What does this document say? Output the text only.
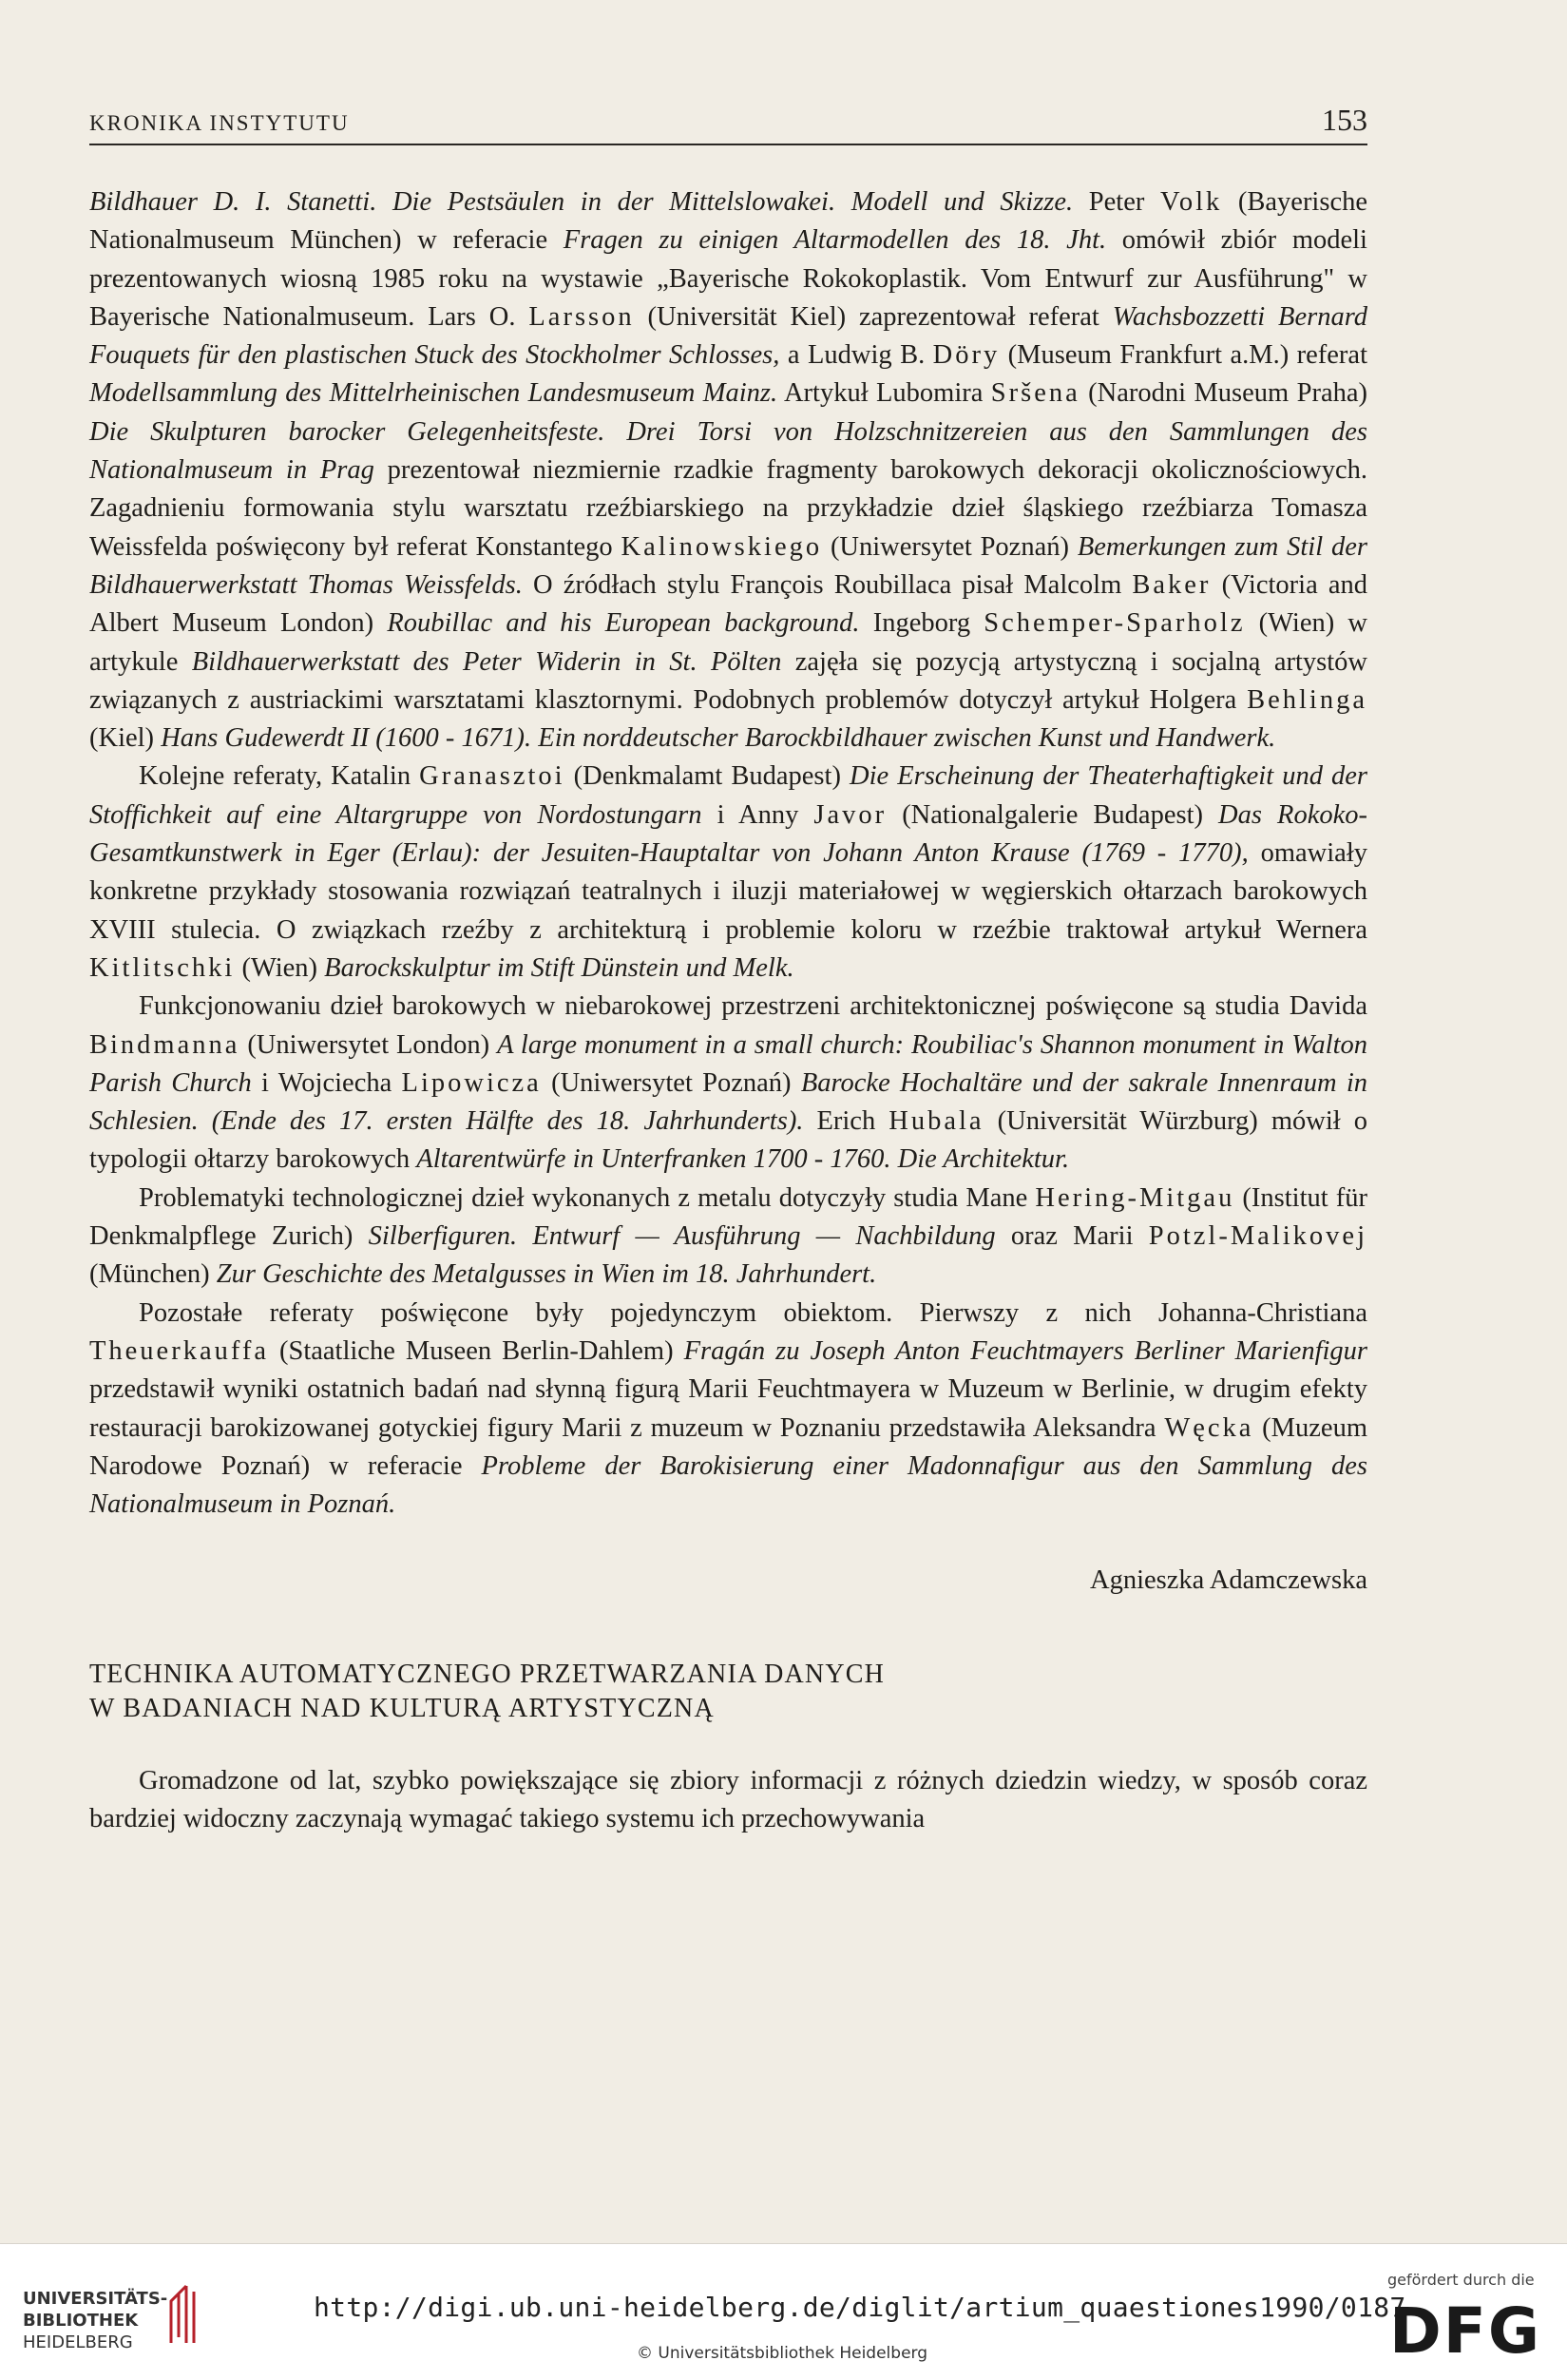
KRONIKA INSTYTUTU	153

Bildhauer D. I. Stanetti. Die Pestsäulen in der Mittelslowakei. Modell und Skizze. Peter Volk (Bayerische Nationalmuseum München) w referacie Fragen zu einigen Altarmodellen des 18. Jht. omówił zbiór modeli prezentowanych wiosną 1985 roku na wystawie „Bayerische Rokokoplastik. Vom Entwurf zur Ausführung" w Bayerische Nationalmuseum. Lars O. Larsson (Universität Kiel) zaprezentował referat Wachsbozzetti Bernard Fouquets für den plastischen Stuck des Stockholmer Schlosses, a Ludwig B. Döry (Museum Frankfurt a.M.) referat Modellsammlung des Mittelrheinischen Landesmuseum Mainz. Artykuł Lubomira Sršena (Narodni Museum Praha) Die Skulpturen barocker Gelegenheitsfeste. Drei Torsi von Holzschnitzereien aus den Sammlungen des Nationalmuseum in Prag prezentował niezmiernie rzadkie fragmenty barokowych dekoracji okolicznościowych. Zagadnieniu formowania stylu warsztatu rzeźbiarskiego na przykładzie dzieł śląskiego rzeźbiarza Tomasza Weissfelda poświęcony był referat Konstantego Kalinowskiego (Uniwersytet Poznań) Bemerkungen zum Stil der Bildhauerwerkstatt Thomas Weissfelds. O źródłach stylu François Roubillaca pisał Malcolm Baker (Victoria and Albert Museum London) Roubillac and his European background. Ingeborg Schemper-Sparholz (Wien) w artykule Bildhauerwerkstatt des Peter Widerin in St. Pölten zajęła się pozycją artystyczną i socjalną artystów związanych z austriackimi warsztatami klasztornymi. Podobnych problemów dotyczył artykuł Holgera Behlinga (Kiel) Hans Gudewerdt II (1600 - 1671). Ein norddeutscher Barockbildhauer zwischen Kunst und Handwerk.

Kolejne referaty, Katalin Granasztoi (Denkmalamt Budapest) Die Erscheinung der Theaterhaftigkeit und der Stoffichkeit auf eine Altargruppe von Nordostungarn i Anny Javor (Nationalgalerie Budapest) Das Rokoko-Gesamtkunstwerk in Eger (Erlau): der Jesuiten-Hauptaltar von Johann Anton Krause (1769 - 1770), omawiały konkretne przykłady stosowania rozwiązań teatralnych i iluzji materiałowej w węgierskich ołtarzach barokowych XVIII stulecia. O związkach rzeźby z architekturą i problemie koloru w rzeźbie traktował artykuł Wernera Kitlitschki (Wien) Barockskulptur im Stift Dünstein und Melk.

Funkcjonowaniu dzieł barokowych w niebarokowej przestrzeni architektonicznej poświęcone są studia Davida Bindmanna (Uniwersytet London) A large monument in a small church: Roubiliac's Shannon monument in Walton Parish Church i Wojciecha Lipowicza (Uniwersytet Poznań) Barocke Hochaltäre und der sakrale Innenraum in Schlesien. (Ende des 17. ersten Hälfte des 18. Jahrhunderts). Erich Hubala (Universität Würzburg) mówił o typologii ołtarzy barokowych Altarentwürfe in Unterfranken 1700 - 1760. Die Architektur.

Problematyki technologicznej dzieł wykonanych z metalu dotyczyły studia Mane Hering-Mitgau (Institut für Denkmalpflege Zurich) Silberfiguren. Entwurf — Ausführung — Nachbildung oraz Marii Potzl-Malikovej (München) Zur Geschichte des Metalgusses in Wien im 18. Jahrhundert.

Pozostałe referaty poświęcone były pojedynczym obiektom. Pierwszy z nich Johanna-Christiana Theuerkauffa (Staatliche Museen Berlin-Dahlem) Fragán zu Joseph Anton Feuchtmayers Berliner Marienfigur przedstawił wyniki ostatnich badań nad słynną figurą Marii Feuchtmayera w Muzeum w Berlinie, w drugim efekty restauracji barokizowanej gotyckiej figury Marii z muzeum w Poznaniu przedstawiła Aleksandra Węcka (Muzeum Narodowe Poznań) w referacie Probleme der Barokisierung einer Madonnafigur aus den Sammlung des Nationalmuseum in Poznań.

Agnieszka Adamczewska

TECHNIKA AUTOMATYCZNEGO PRZETWARZANIA DANYCH
W BADANIACH NAD KULTURĄ ARTYSTYCZNĄ

Gromadzone od lat, szybko powiększające się zbiory informacji z różnych dziedzin wiedzy, w sposób coraz bardziej widoczny zaczynają wymagać takiego systemu ich przechowywania

UNIVERSITÄTS-
BIBLIOTHEK
HEIDELBERG
http://digi.ub.uni-heidelberg.de/diglit/artium_quaestiones1990/0187
© Universitätsbibliothek Heidelberg
gefördert durch die
DFG
